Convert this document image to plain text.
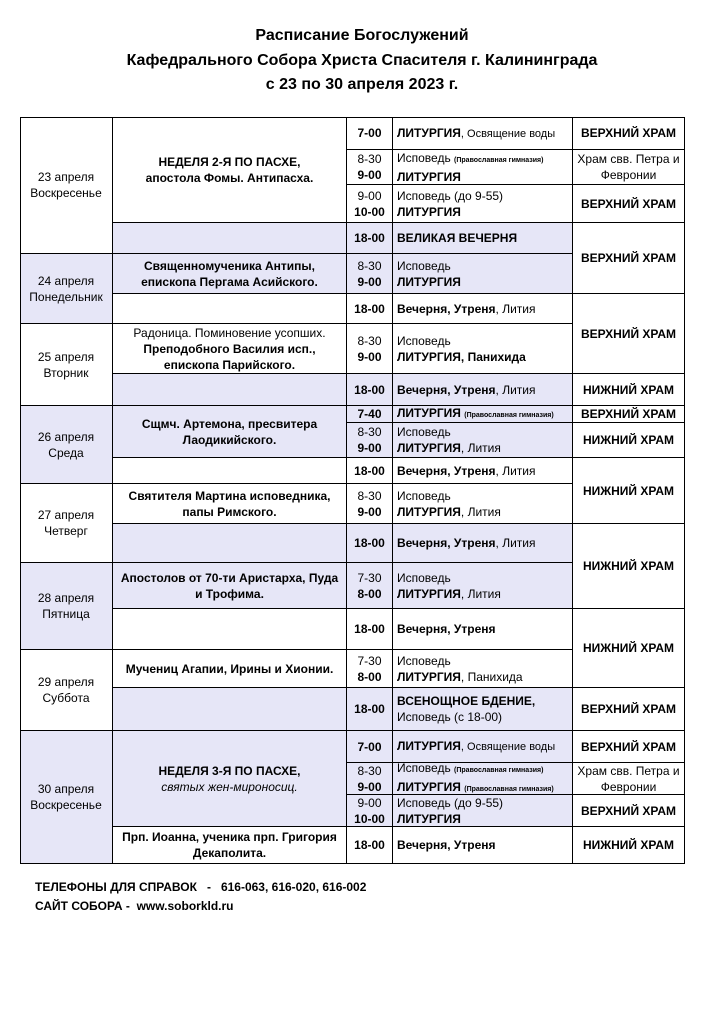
Расписание Богослужений
Кафедрального Собора Христа Спасителя г. Калининграда
с 23 по 30 апреля 2023 г.
23 апреля
Воскресенье
24 апреля
Понедельник
25 апреля
Вторник
26 апреля
Среда
27 апреля
Четверг
28 апреля
Пятница
29 апреля
Суббота
30 апреля
Воскресенье
НЕДЕЛЯ 2-Я ПО ПАСХЕ,
апостола Фомы. Антипасха.
Священномученика Антипы,
епископа Пергама Асийского.
Радоница. Поминовение усопших.
Преподобного Василия исп.,
епископа Парийского.
Сщмч. Артемона, пресвитера
Лаодикийского.
Святителя Мартина исповедника,
папы Римского.
Апостолов от 70-ти Аристарха, Пуда
и Трофима.
Мучениц Агапии, Ирины и Хионии.
НЕДЕЛЯ 3-Я ПО ПАСХЕ,
святых жен-мироносиц.
Прп. Иоанна, ученика прп. Григория
Декаполита.
7-00
8-30
9-00
9-00
10-00
18-00
8-30
9-00
18-00
8-30
9-00
18-00
7-40
8-30
9-00
18-00
8-30
9-00
18-00
7-30
8-00
18-00
7-30
8-00
18-00
7-00
8-30
9-00
9-00
10-00
18-00
ЛИТУРГИЯ, Освящение воды
Исповедь (Православная гимназия)
ЛИТУРГИЯ
Исповедь (до 9-55)
ЛИТУРГИЯ
ВЕЛИКАЯ ВЕЧЕРНЯ
Исповедь
ЛИТУРГИЯ
Вечерня, Утреня, Лития
Исповедь
ЛИТУРГИЯ, Панихида
Вечерня, Утреня, Лития
ЛИТУРГИЯ (Православная гимназия)
Исповедь
ЛИТУРГИЯ, Лития
Вечерня, Утреня, Лития
Исповедь
ЛИТУРГИЯ, Лития
Вечерня, Утреня, Лития
Исповедь
ЛИТУРГИЯ, Лития
Вечерня, Утреня
Исповедь
ЛИТУРГИЯ, Панихида
ВСЕНОЩНОЕ БДЕНИЕ,
Исповедь (с 18-00)
ЛИТУРГИЯ, Освящение воды
Исповедь (Православная гимназия)
ЛИТУРГИЯ (Православная гимназия)
Исповедь (до 9-55)
ЛИТУРГИЯ
Вечерня, Утреня
ВЕРХНИЙ ХРАМ
Храм свв. Петра и Февронии
ВЕРХНИЙ ХРАМ
ВЕРХНИЙ ХРАМ
ВЕРХНИЙ ХРАМ
НИЖНИЙ ХРАМ
ВЕРХНИЙ ХРАМ
НИЖНИЙ ХРАМ
НИЖНИЙ ХРАМ
НИЖНИЙ ХРАМ
НИЖНИЙ ХРАМ
ВЕРХНИЙ ХРАМ
ВЕРХНИЙ ХРАМ
Храм свв. Петра и Февронии
ВЕРХНИЙ ХРАМ
НИЖНИЙ ХРАМ
ТЕЛЕФОНЫ ДЛЯ СПРАВОК   -   616-063, 616-020, 616-002
САЙТ СОБОРА -  www.soborkld.ru
